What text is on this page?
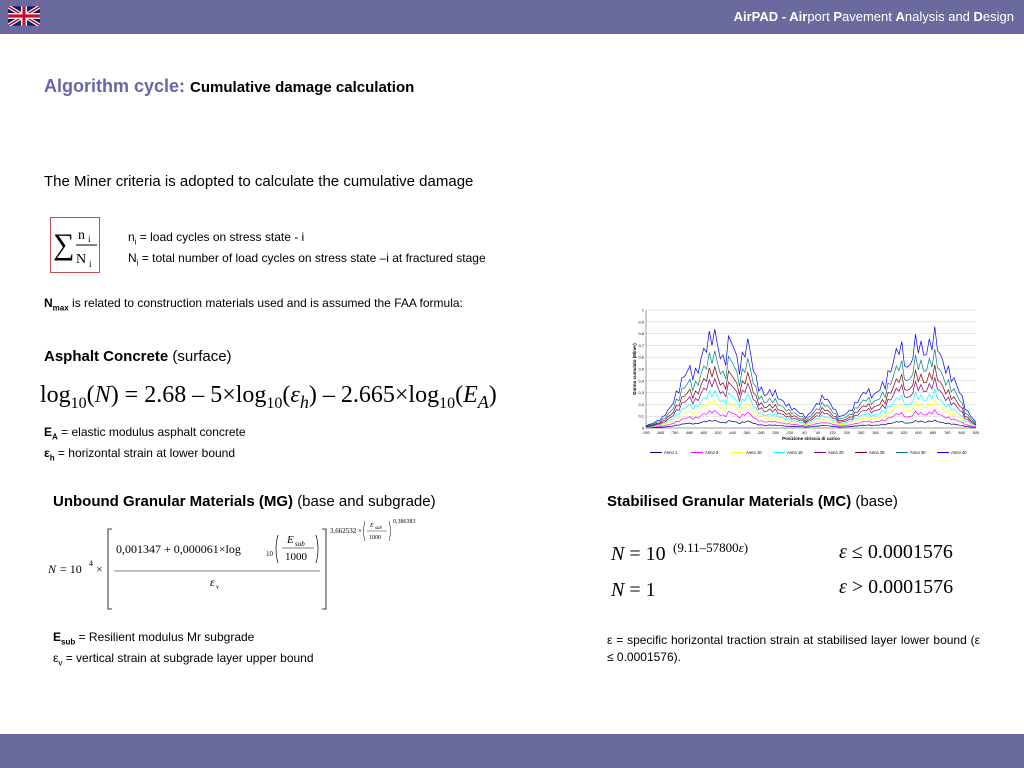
AirPAD - Airport Pavement Analysis and Design
Algorithm cycle: Cumulative damage calculation
The Miner criteria is adopted to calculate the cumulative damage
∑ n i
N i
$n_i$ = load cycles on stress state - i
$N_i$ = total number of load cycles on stress state –i at fractured stage
$N_{max}$ is related to construction materials used and is assumed the FAA formula:
Asphalt Concrete (surface)
$\log_{10}(N) = 2.68 - 5\times\log_{10}(\varepsilon_h) - 2.665\times\log_{10}(E_A)$
$E_A$ = elastic modulus asphalt concrete
$\varepsilon_h$ = horizontal strain at lower bound
0
0,1
0,2
0,3
0,4
0,5
0,6
0,7
0,8
0,9
1
-920 -840 -760 -680 -600 -520 -440 -360 -280 -200 -120 -40 40 120 200 280 360 440 520 600 680 760 840 920
Posizione striscia di carico
Danno cumulato (Miner)
Anno 1	Anno 5	Anno 10	Anno 15	Anno 20	Anno 25	Anno 30	Anno 40
Unbound Granular Materials (MG) (base and subgrade)
N = 10 4 ×
0,001347 + 0,000061×log	10
E sub
1000
ε v
3,662532 ×
E sub
1000
0,386383
$E_{sub}$ = Resilient modulus Mr subgrade
$\varepsilon_v$ = vertical strain at subgrade layer upper bound
Stabilised Granular Materials (MC) (base)
N = 10 (9.11–57800ε)	ε ≤ 0.0001576
N = 1	ε > 0.0001576
ε = specific horizontal traction strain at stabilised layer lower bound (ε ≤ 0.0001576).
